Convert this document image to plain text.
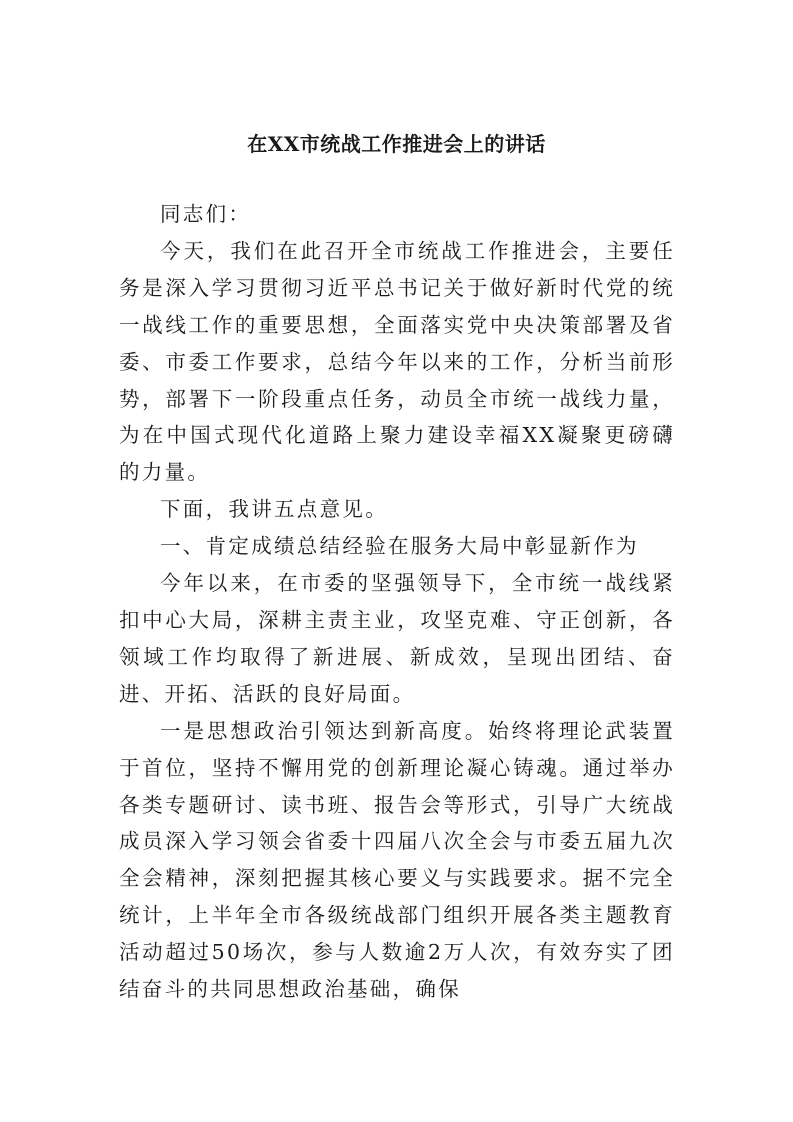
在XX市统战工作推进会上的讲话

同志们：

今天，我们在此召开全市统战工作推进会，主要任务是深入学习贯彻习近平总书记关于做好新时代党的统一战线工作的重要思想，全面落实党中央决策部署及省委、市委工作要求，总结今年以来的工作，分析当前形势，部署下一阶段重点任务，动员全市统一战线力量，为在中国式现代化道路上聚力建设幸福XX凝聚更磅礴的力量。

下面，我讲五点意见。

一、肯定成绩总结经验在服务大局中彰显新作为

今年以来，在市委的坚强领导下，全市统一战线紧扣中心大局，深耕主责主业，攻坚克难、守正创新，各领域工作均取得了新进展、新成效，呈现出团结、奋进、开拓、活跃的良好局面。

一是思想政治引领达到新高度。始终将理论武装置于首位，坚持不懈用党的创新理论凝心铸魂。通过举办各类专题研讨、读书班、报告会等形式，引导广大统战成员深入学习领会省委十四届八次全会与市委五届九次全会精神，深刻把握其核心要义与实践要求。据不完全统计，上半年全市各级统战部门组织开展各类主题教育活动超过50场次，参与人数逾2万人次，有效夯实了团结奋斗的共同思想政治基础，确保
